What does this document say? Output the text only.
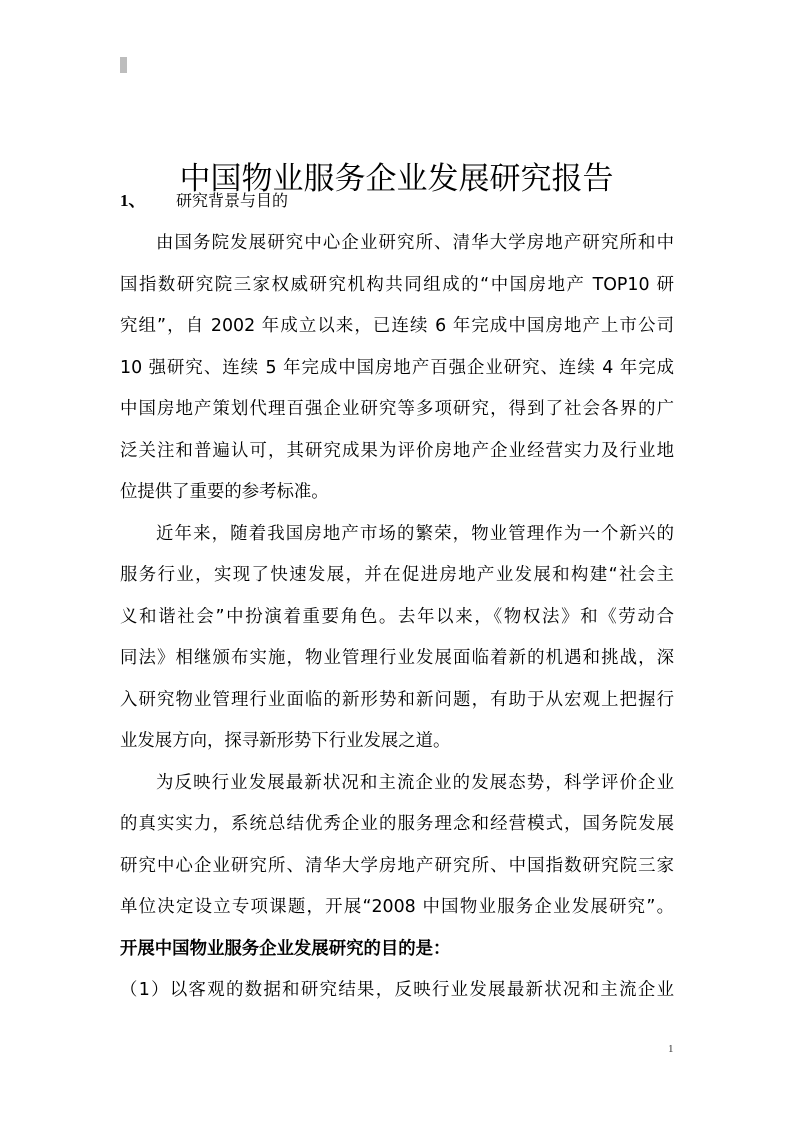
中国物业服务企业发展研究报告
1、 研究背景与目的
由国务院发展研究中心企业研究所、清华大学房地产研究所和中
国指数研究院三家权威研究机构共同组成的“中国房地产 TOP10 研
究组”，自 2002 年成立以来，已连续 6 年完成中国房地产上市公司
10 强研究、连续 5 年完成中国房地产百强企业研究、连续 4 年完成
中国房地产策划代理百强企业研究等多项研究，得到了社会各界的广
泛关注和普遍认可，其研究成果为评价房地产企业经营实力及行业地
位提供了重要的参考标准。
近年来，随着我国房地产市场的繁荣，物业管理作为一个新兴的
服务行业，实现了快速发展，并在促进房地产业发展和构建“社会主
义和谐社会”中扮演着重要角色。去年以来，《物权法》和《劳动合
同法》相继颁布实施，物业管理行业发展面临着新的机遇和挑战，深
入研究物业管理行业面临的新形势和新问题，有助于从宏观上把握行
业发展方向，探寻新形势下行业发展之道。
为反映行业发展最新状况和主流企业的发展态势，科学评价企业
的真实实力，系统总结优秀企业的服务理念和经营模式，国务院发展
研究中心企业研究所、清华大学房地产研究所、中国指数研究院三家
单位决定设立专项课题，开展“2008 中国物业服务企业发展研究”。
开展中国物业服务企业发展研究的目的是：
（1）以客观的数据和研究结果，反映行业发展最新状况和主流企业
1
